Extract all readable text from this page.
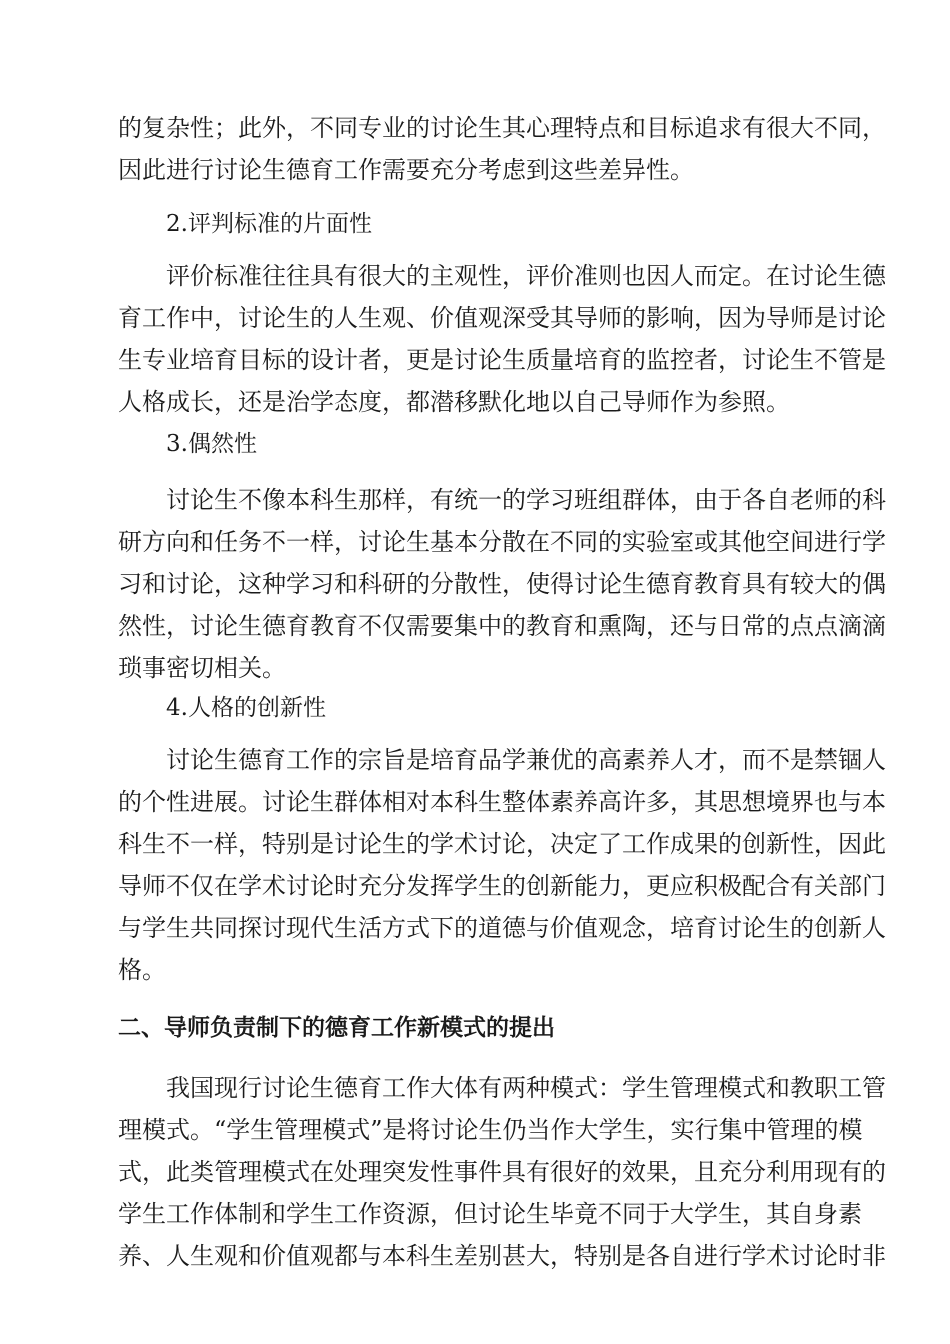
的复杂性；此外，不同专业的讨论生其心理特点和目标追求有很大不同，
因此进行讨论生德育工作需要充分考虑到这些差异性。
2.评判标准的片面性
评价标准往往具有很大的主观性，评价准则也因人而定。在讨论生德
育工作中，讨论生的人生观、价值观深受其导师的影响，因为导师是讨论
生专业培育目标的设计者，更是讨论生质量培育的监控者，讨论生不管是
人格成长，还是治学态度，都潜移默化地以自己导师作为参照。
3.偶然性
讨论生不像本科生那样，有统一的学习班组群体，由于各自老师的科
研方向和任务不一样，讨论生基本分散在不同的实验室或其他空间进行学
习和讨论，这种学习和科研的分散性，使得讨论生德育教育具有较大的偶
然性，讨论生德育教育不仅需要集中的教育和熏陶，还与日常的点点滴滴
琐事密切相关。
4.人格的创新性
讨论生德育工作的宗旨是培育品学兼优的高素养人才，而不是禁锢人
的个性进展。讨论生群体相对本科生整体素养高许多，其思想境界也与本
科生不一样，特别是讨论生的学术讨论，决定了工作成果的创新性，因此
导师不仅在学术讨论时充分发挥学生的创新能力，更应积极配合有关部门
与学生共同探讨现代生活方式下的道德与价值观念，培育讨论生的创新人
格。
二、导师负责制下的德育工作新模式的提出
我国现行讨论生德育工作大体有两种模式：学生管理模式和教职工管
理模式。“学生管理模式”是将讨论生仍当作大学生，实行集中管理的模
式，此类管理模式在处理突发性事件具有很好的效果，且充分利用现有的
学生工作体制和学生工作资源，但讨论生毕竟不同于大学生，其自身素
养、人生观和价值观都与本科生差别甚大，特别是各自进行学术讨论时非
